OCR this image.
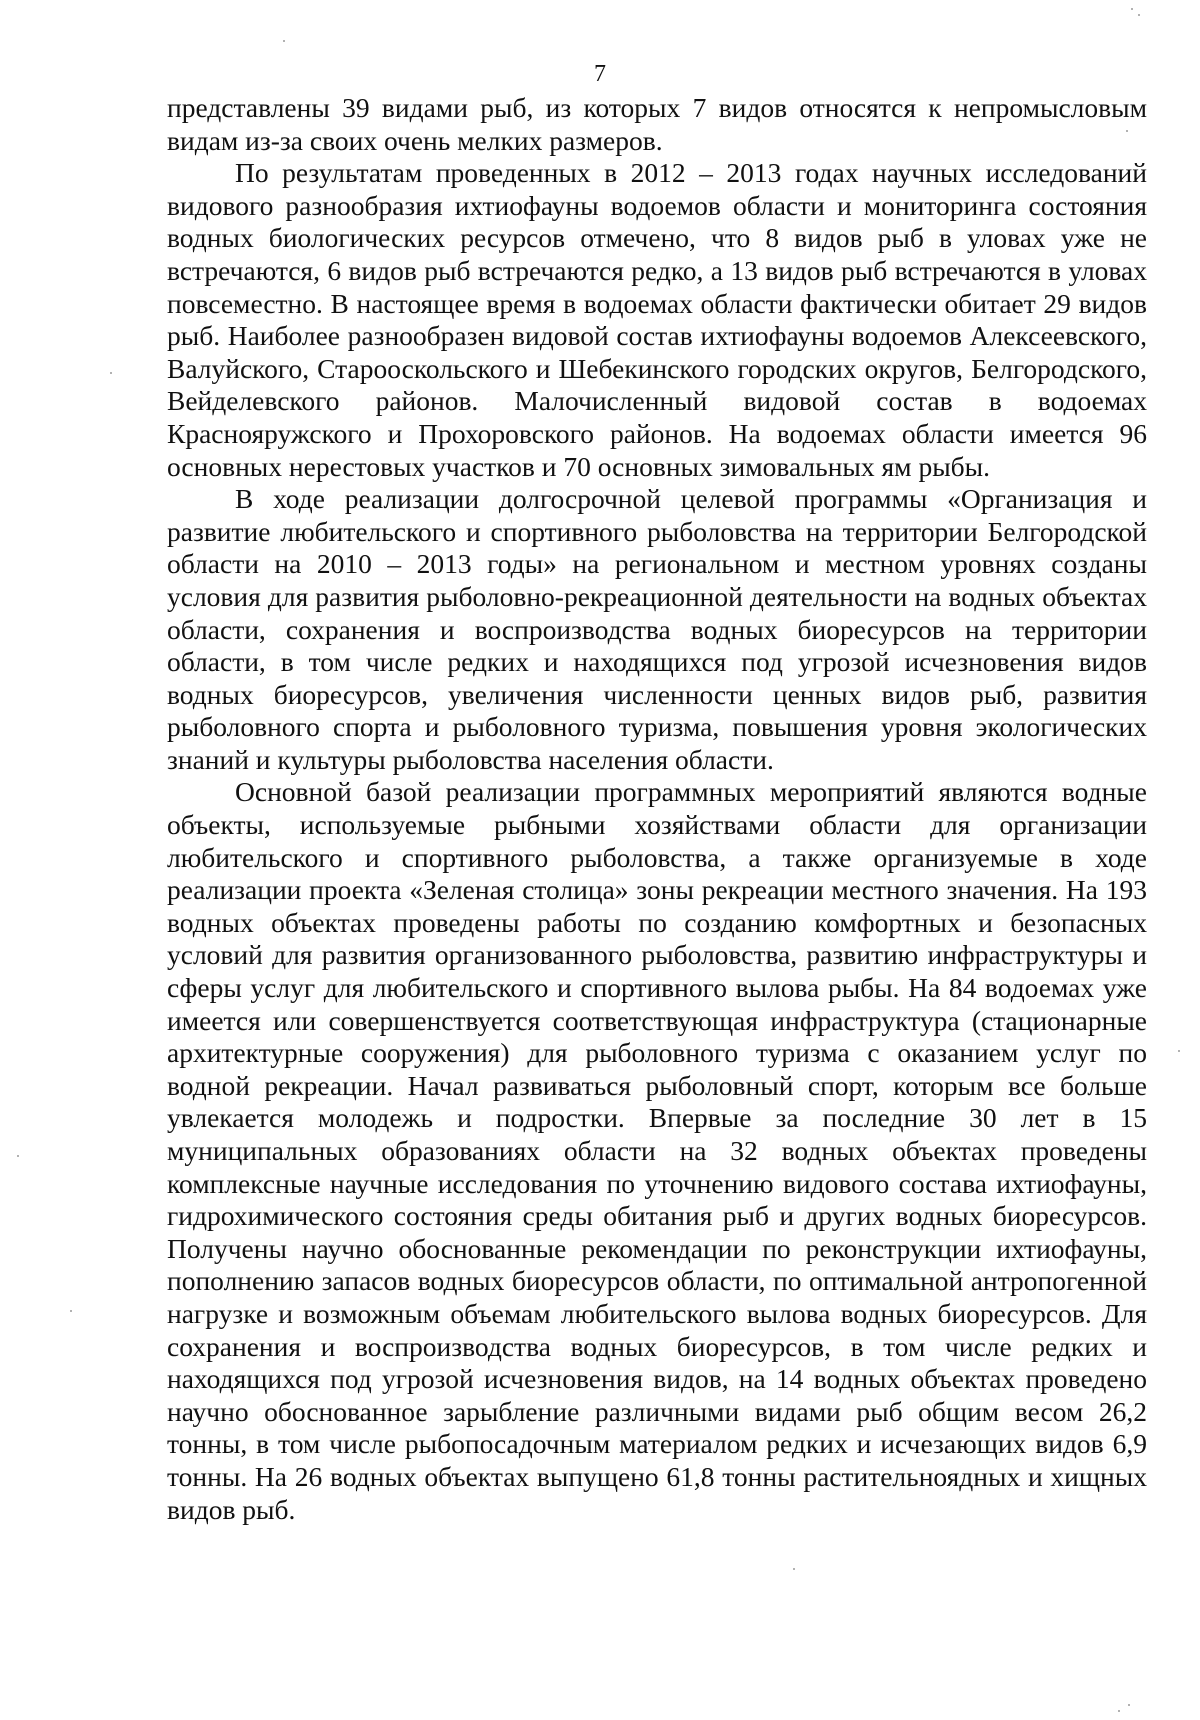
7

представлены 39 видами рыб, из которых 7 видов относятся к непромысловым видам из-за своих очень мелких размеров.

По результатам проведенных в 2012 – 2013 годах научных исследований видового разнообразия ихтиофауны водоемов области и мониторинга состояния водных биологических ресурсов отмечено, что 8 видов рыб в уловах уже не встречаются, 6 видов рыб встречаются редко, а 13 видов рыб встречаются в уловах повсеместно. В настоящее время в водоемах области фактически обитает 29 видов рыб. Наиболее разнообразен видовой состав ихтиофауны водоемов Алексеевского, Валуйского, Старооскольского и Шебекинского городских округов, Белгородского, Вейделевского районов. Малочисленный видовой состав в водоемах Краснояружского и Прохоровского районов. На водоемах области имеется 96 основных нерестовых участков и 70 основных зимовальных ям рыбы.

В ходе реализации долгосрочной целевой программы «Организация и развитие любительского и спортивного рыболовства на территории Белгородской области на 2010 – 2013 годы» на региональном и местном уровнях созданы условия для развития рыболовно-рекреационной деятельности на водных объектах области, сохранения и воспроизводства водных биоресурсов на территории области, в том числе редких и находящихся под угрозой исчезновения видов водных биоресурсов, увеличения численности ценных видов рыб, развития рыболовного спорта и рыболовного туризма, повышения уровня экологических знаний и культуры рыболовства населения области.

Основной базой реализации программных мероприятий являются водные объекты, используемые рыбными хозяйствами области для организации любительского и спортивного рыболовства, а также организуемые в ходе реализации проекта «Зеленая столица» зоны рекреации местного значения. На 193 водных объектах проведены работы по созданию комфортных и безопасных условий для развития организованного рыболовства, развитию инфраструктуры и сферы услуг для любительского и спортивного вылова рыбы. На 84 водоемах уже имеется или совершенствуется соответствующая инфраструктура (стационарные архитектурные сооружения) для рыболовного туризма с оказанием услуг по водной рекреации. Начал развиваться рыболовный спорт, которым все больше увлекается молодежь и подростки. Впервые за последние 30 лет в 15 муниципальных образованиях области на 32 водных объектах проведены комплексные научные исследования по уточнению видового состава ихтиофауны, гидрохимического состояния среды обитания рыб и других водных биоресурсов. Получены научно обоснованные рекомендации по реконструкции ихтиофауны, пополнению запасов водных биоресурсов области, по оптимальной антропогенной нагрузке и возможным объемам любительского вылова водных биоресурсов. Для сохранения и воспроизводства водных биоресурсов, в том числе редких и находящихся под угрозой исчезновения видов, на 14 водных объектах проведено научно обоснованное зарыбление различными видами рыб общим весом 26,2 тонны, в том числе рыбопосадочным материалом редких и исчезающих видов 6,9 тонны. На 26 водных объектах выпущено 61,8 тонны растительноядных и хищных видов рыб.
